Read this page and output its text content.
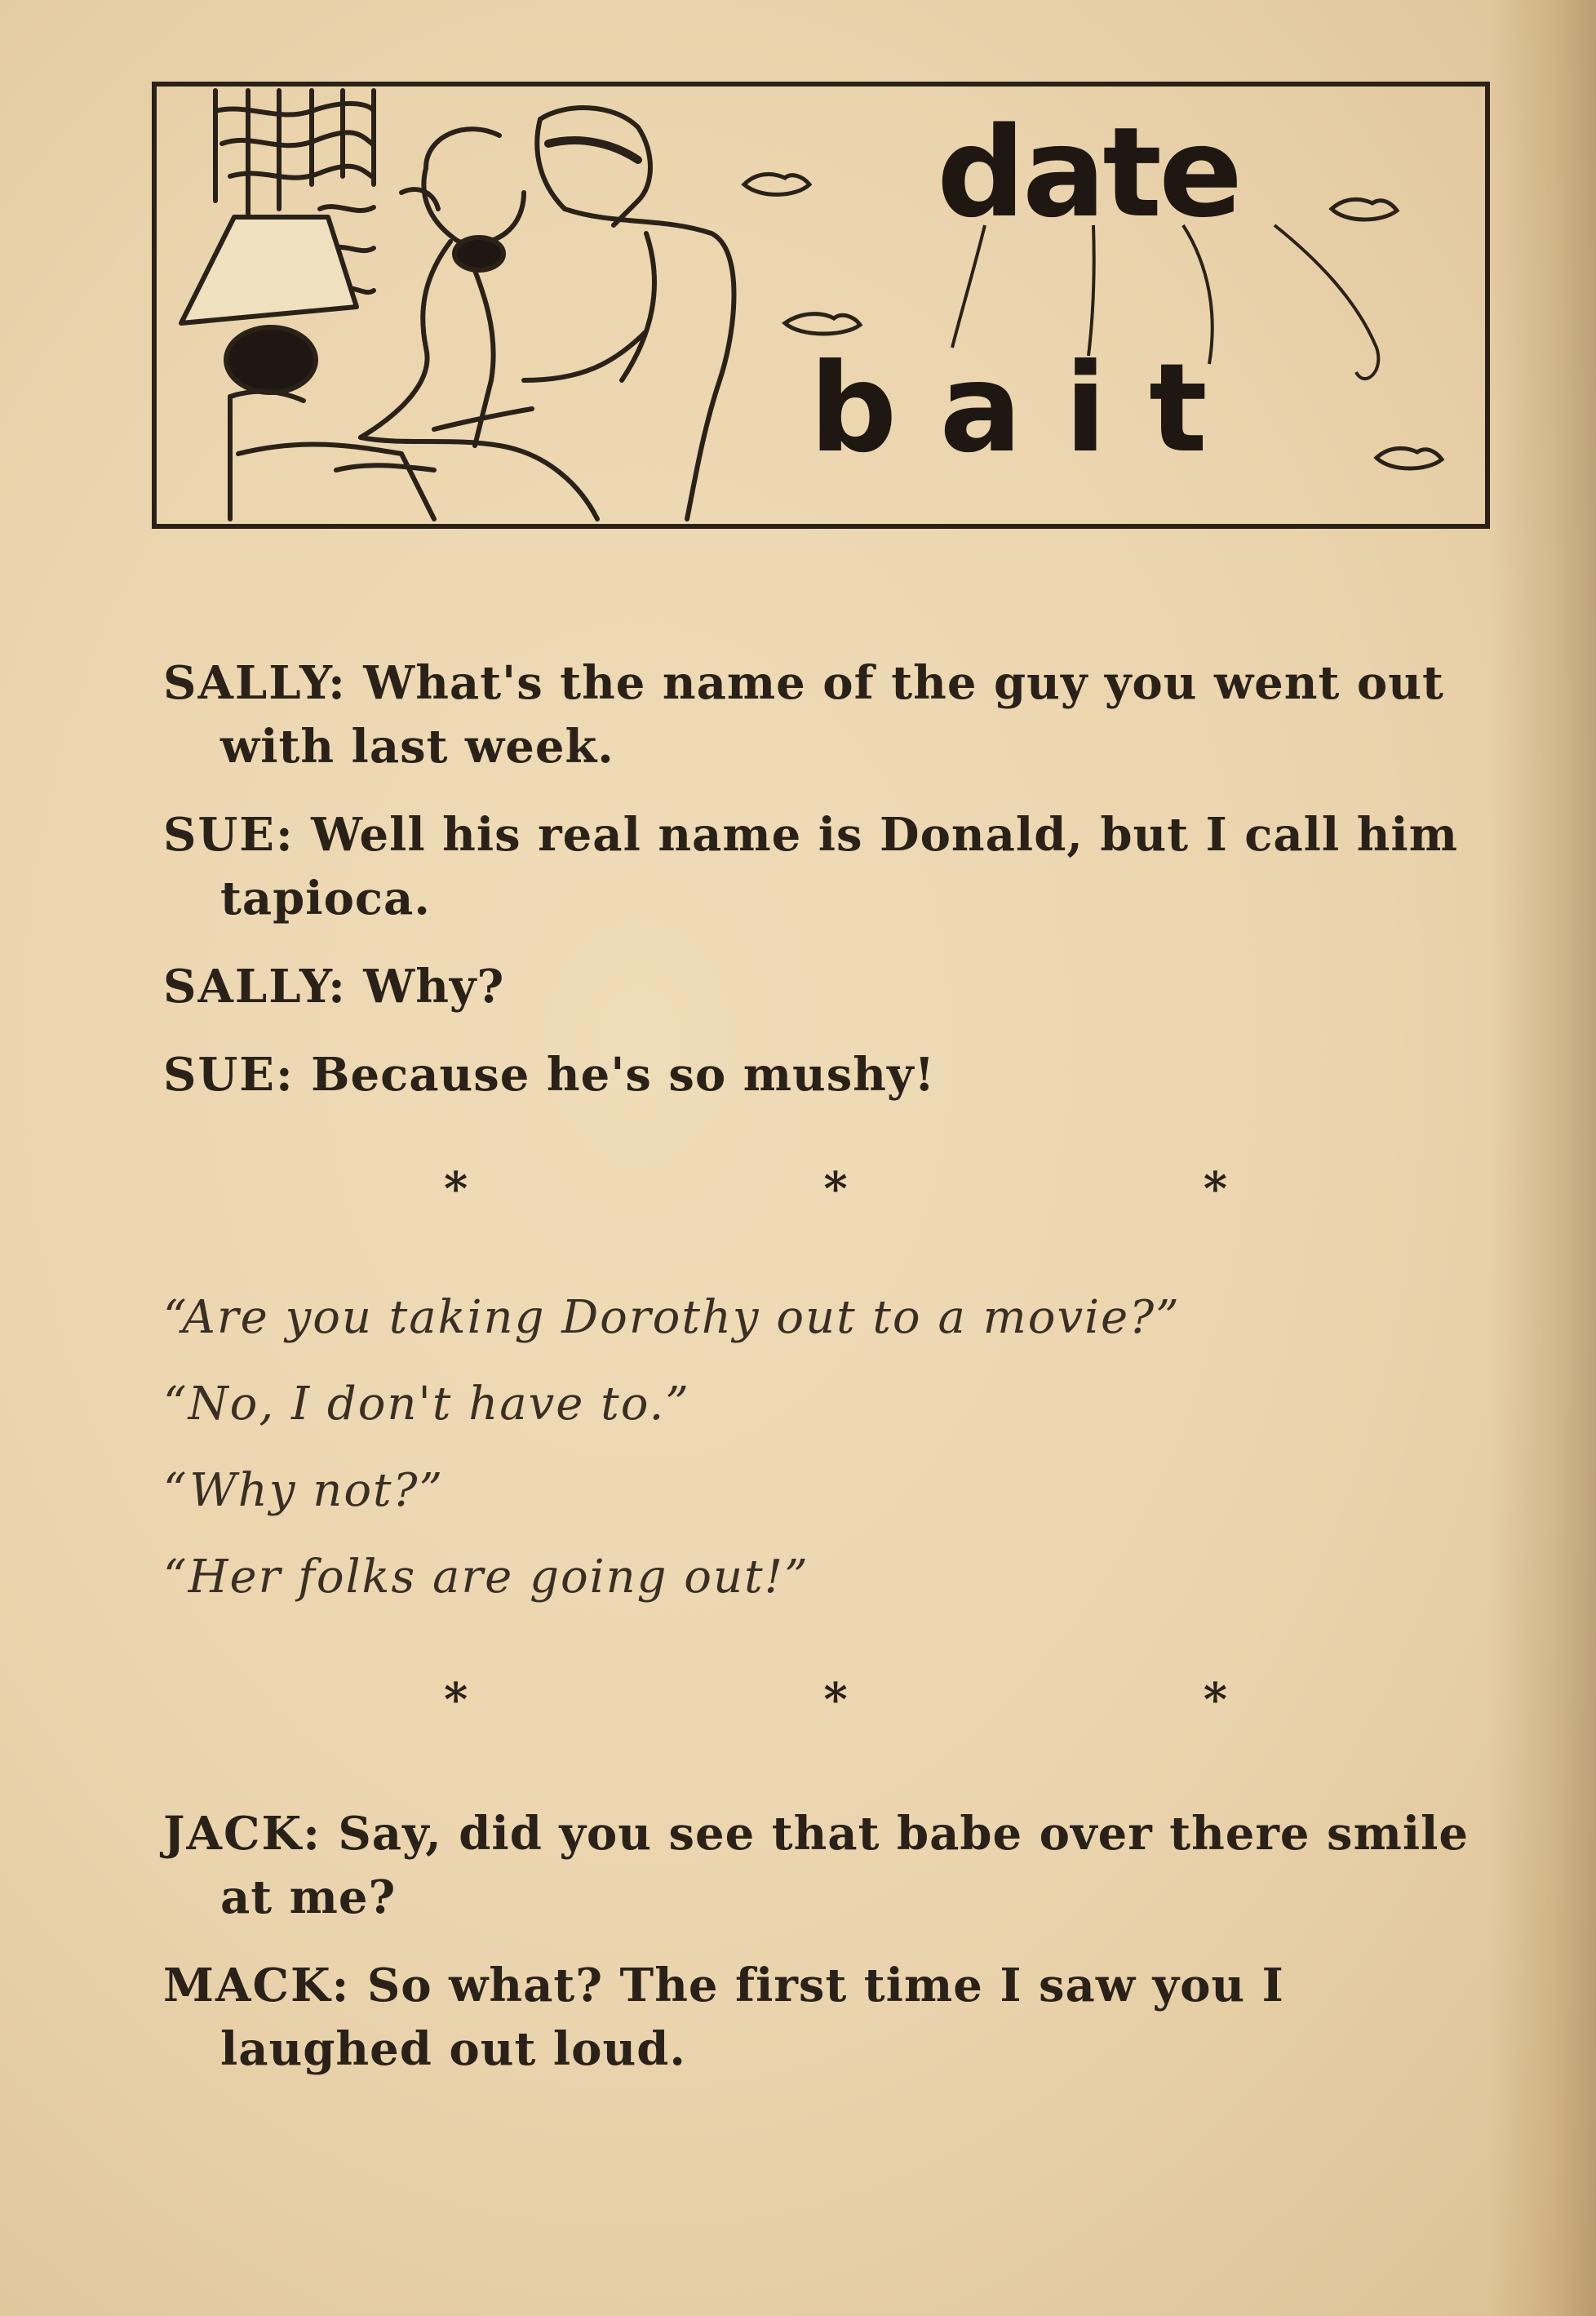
date
bait

SALLY: What's the name of the guy you went out with last week.

SUE: Well his real name is Donald, but I call him tapioca.

SALLY: Why?

SUE: Because he's so mushy!

*	*	*

“Are you taking Dorothy out to a movie?”

“No, I don't have to.”

“Why not?”

“Her folks are going out!”

*	*	*

JACK: Say, did you see that babe over there smile at me?

MACK: So what? The first time I saw you I laughed out loud.
